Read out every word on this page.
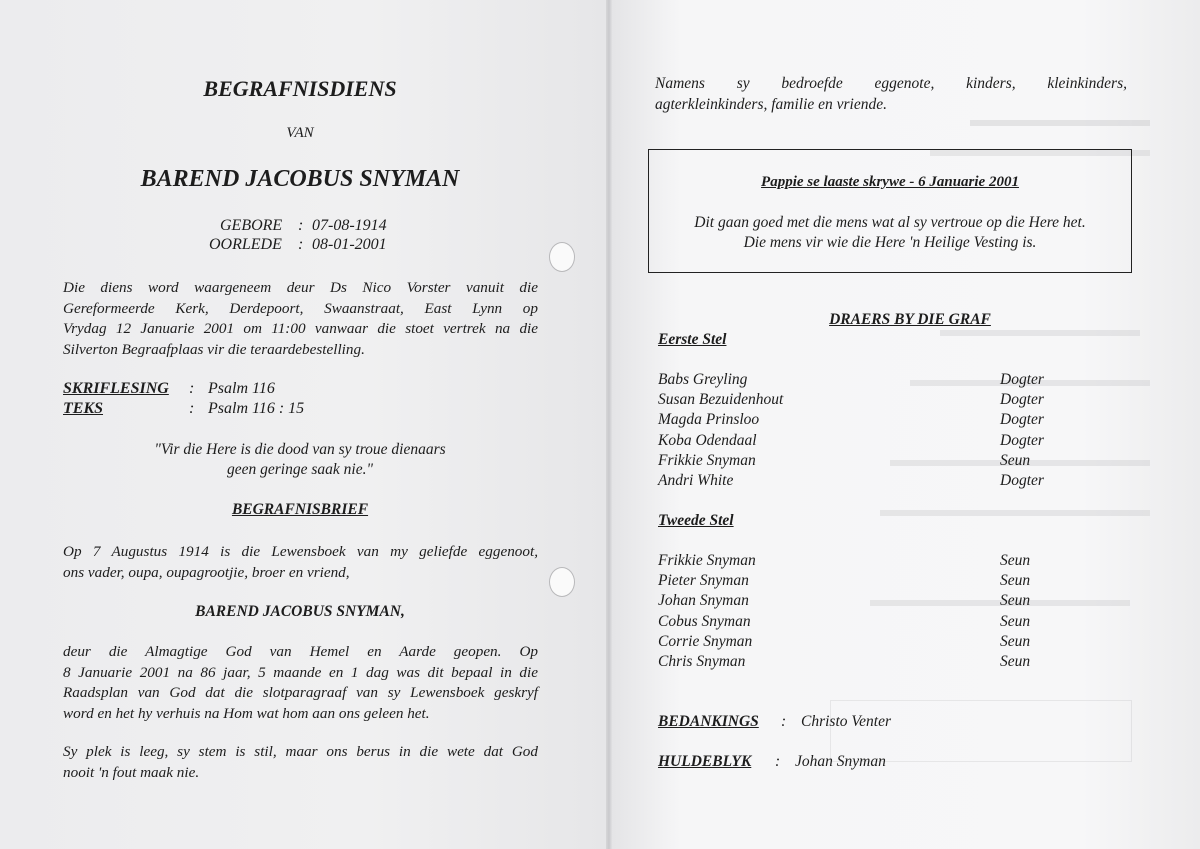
BEGRAFNISDIENS
VAN
BAREND JACOBUS SNYMAN
GEBORE : 07-08-1914
OORLEDE : 08-01-2001
Die diens word waargeneem deur Ds Nico Vorster vanuit die
Gereformeerde Kerk, Derdepoort, Swaanstraat, East Lynn op
Vrydag 12 Januarie 2001 om 11:00 vanwaar die stoet vertrek na die
Silverton Begraafplaas vir die teraardebestelling.
SKRIFLESING : Psalm 116
TEKS	: Psalm 116 : 15
"Vir die Here is die dood van sy troue dienaars
geen geringe saak nie."
BEGRAFNISBRIEF
Op 7 Augustus 1914 is die Lewensboek van my geliefde eggenoot,
ons vader, oupa, oupagrootjie, broer en vriend,
BAREND JACOBUS SNYMAN,
deur die Almagtige God van Hemel en Aarde geopen. Op
8 Januarie 2001 na 86 jaar, 5 maande en 1 dag was dit bepaal in die
Raadsplan van God dat die slotparagraaf van sy Lewensboek geskryf
word en het hy verhuis na Hom wat hom aan ons geleen het.
Sy plek is leeg, sy stem is stil, maar ons berus in die wete dat God
nooit 'n fout maak nie.
Namens sy bedroefde eggenote, kinders, kleinkinders,
agterkleinkinders, familie en vriende.
Pappie se laaste skrywe - 6 Januarie 2001
Dit gaan goed met die mens wat al sy vertroue op die Here het.
Die mens vir wie die Here 'n Heilige Vesting is.
DRAERS BY DIE GRAF
Eerste Stel
Babs Greyling	Dogter
Susan Bezuidenhout	Dogter
Magda Prinsloo	Dogter
Koba Odendaal	Dogter
Frikkie Snyman	Seun
Andri White	Dogter
Tweede Stel
Frikkie Snyman	Seun
Pieter Snyman	Seun
Johan Snyman	Seun
Cobus Snyman	Seun
Corrie Snyman	Seun
Chris Snyman	Seun
BEDANKINGS : Christo Venter
HULDEBLYK : Johan Snyman
